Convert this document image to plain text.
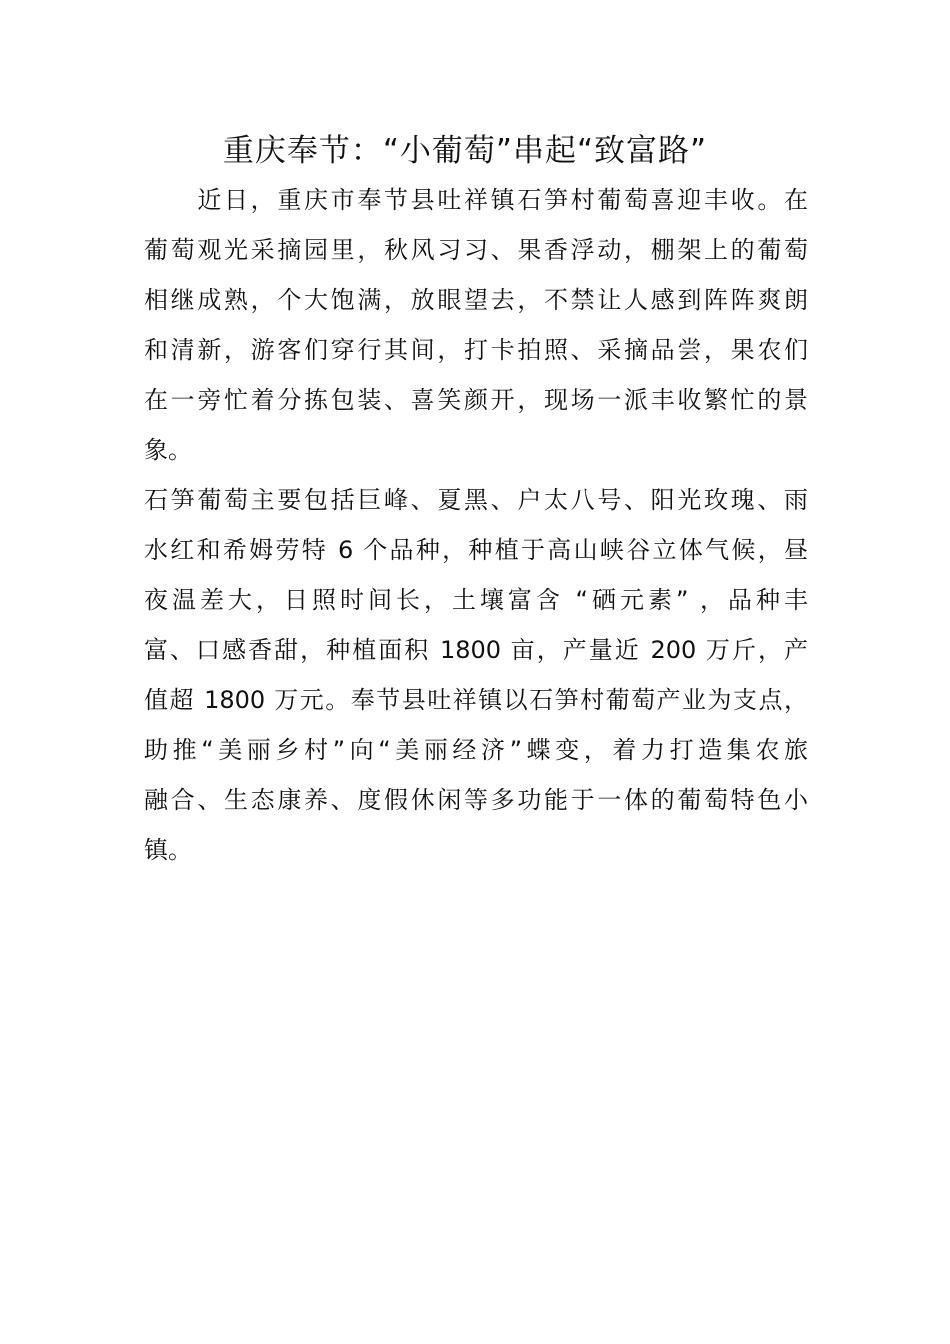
重庆奉节：“小葡萄”串起“致富路”
　　近日，重庆市奉节县吐祥镇石笋村葡萄喜迎丰收。在
葡萄观光采摘园里，秋风习习、果香浮动，棚架上的葡萄
相继成熟，个大饱满，放眼望去，不禁让人感到阵阵爽朗
和清新，游客们穿行其间，打卡拍照、采摘品尝，果农们
在一旁忙着分拣包装、喜笑颜开，现场一派丰收繁忙的景
象。
石笋葡萄主要包括巨峰、夏黑、户太八号、阳光玫瑰、雨
水红和希姆劳特 6 个品种，种植于高山峡谷立体气候，昼
夜温差大，日照时间长，土壤富含 “硒元素” ，品种丰
富、口感香甜，种植面积 1800 亩，产量近 200 万斤，产
值超 1800 万元。奉节县吐祥镇以石笋村葡萄产业为支点，
助推“美丽乡村”向“美丽经济”蝶变，着力打造集农旅
融合、生态康养、度假休闲等多功能于一体的葡萄特色小
镇。
